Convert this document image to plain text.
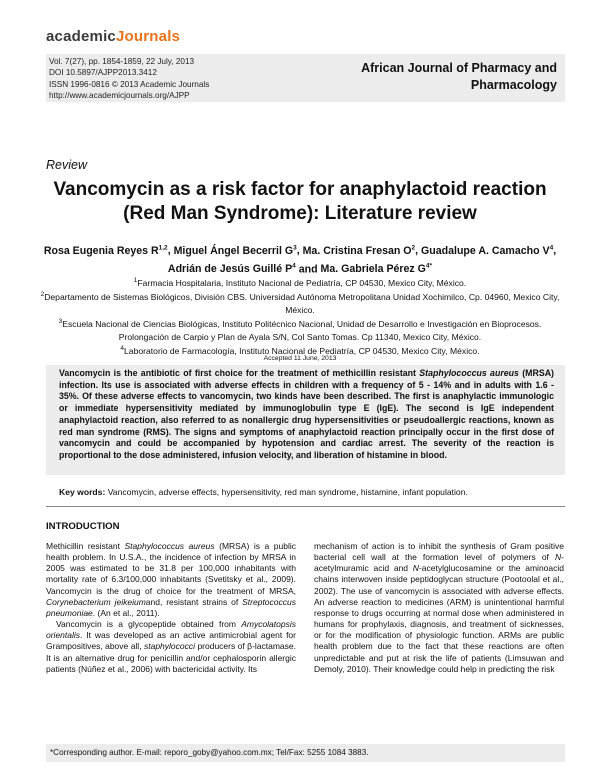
academicJournals
Vol. 7(27), pp. 1854-1859, 22 July, 2013
DOI 10.5897/AJPP2013.3412
ISSN 1996-0816 © 2013 Academic Journals
http://www.academicjournals.org/AJPP
African Journal of Pharmacy and Pharmacology
Review
Vancomycin as a risk factor for anaphylactoid reaction
(Red Man Syndrome): Literature review
Rosa Eugenia Reyes R$^{1,2}$, Miguel Ángel Becerril $G^3$, Ma. Cristina Fresan $O^2$, Guadalupe A. Camacho $V^4$, Adrián de Jesús Guillé $P^4$ and Ma. Gabriela Pérez $G^{4*}$
$^1$Farmacia Hospitalaria, Instituto Nacional de Pediatría, CP 04530, Mexico City, México.
$^2$Departamento de Sistemas Biológicos, División CBS. Universidad Autónoma Metropolitana Unidad Xochimilco, Cp. 04960, Mexico City, México.
$^3$Escuela Nacional de Ciencias Biológicas, Instituto Politécnico Nacional, Unidad de Desarrollo e Investigación en Bioprocesos. Prolongación de Carpio y Plan de Ayala S/N, Col Santo Tomas. Cp 11340, Mexico City, México.
$^4$Laboratorio de Farmacología, Instituto Nacional de Pediatría, CP 04530, Mexico City, México.
Accepted 11 June, 2013
Vancomycin is the antibiotic of first choice for the treatment of methicillin resistant Staphylococcus aureus (MRSA) infection. Its use is associated with adverse effects in children with a frequency of 5 - 14% and in adults with 1.6 - 35%. Of these adverse effects to vancomycin, two kinds have been described. The first is anaphylactic immunologic or immediate hypersensitivity mediated by immunoglobulin type E (IgE). The second is IgE independent anaphylactoid reaction, also referred to as nonallergic drug hypersensitivities or pseudoallergic reactions, known as red man syndrome (RMS). The signs and symptoms of anaphylactoid reaction principally occur in the first dose of vancomycin and could be accompanied by hypotension and cardiac arrest. The severity of the reaction is proportional to the dose administered, infusion velocity, and liberation of histamine in blood.
Key words: Vancomycin, adverse effects, hypersensitivity, red man syndrome, histamine, infant population.
INTRODUCTION

Methicillin resistant Staphylococcus aureus (MRSA) is a public health problem. In U.S.A., the incidence of infection by MRSA in 2005 was estimated to be 31.8 per 100,000 inhabitants with mortality rate of 6.3/100,000 inhabitants (Svetitsky et al., 2009). Vancomycin is the drug of choice for the treatment of MRSA, Corynebacterium jeikeiumand, resistant strains of Streptococcus pneumoniae. (An et al., 2011).

Vancomycin is a glycopeptide obtained from Amycolatopsis orientalis. It was developed as an active antimicrobial agent for Grampositives, above all, staphylococci producers of β-lactamase. It is an alternative drug for penicillin and/or cephalosporin allergic patients (Núñez et al., 2006) with bactericidal activity. Its

mechanism of action is to inhibit the synthesis of Gram positive bacterial cell wall at the formation level of polymers of N-acetylmuramic acid and N-acetylglucosamine or the aminoacid chains interwoven inside peptidoglycan structure (Pootoolal et al., 2002). The use of vancomycin is associated with adverse effects. An adverse reaction to medicines (ARM) is unintentional harmful response to drugs occurring at normal dose when administered in humans for prophylaxis, diagnosis, and treatment of sicknesses, or for the modification of physiologic function. ARMs are public health problem due to the fact that these reactions are often unpredictable and put at risk the life of patients (Limsuwan and Demoly, 2010). Their knowledge could help in predicting the risk

*Corresponding author. E-mail: reporo_goby@yahoo.com.mx; Tel/Fax: 5255 1084 3883.
